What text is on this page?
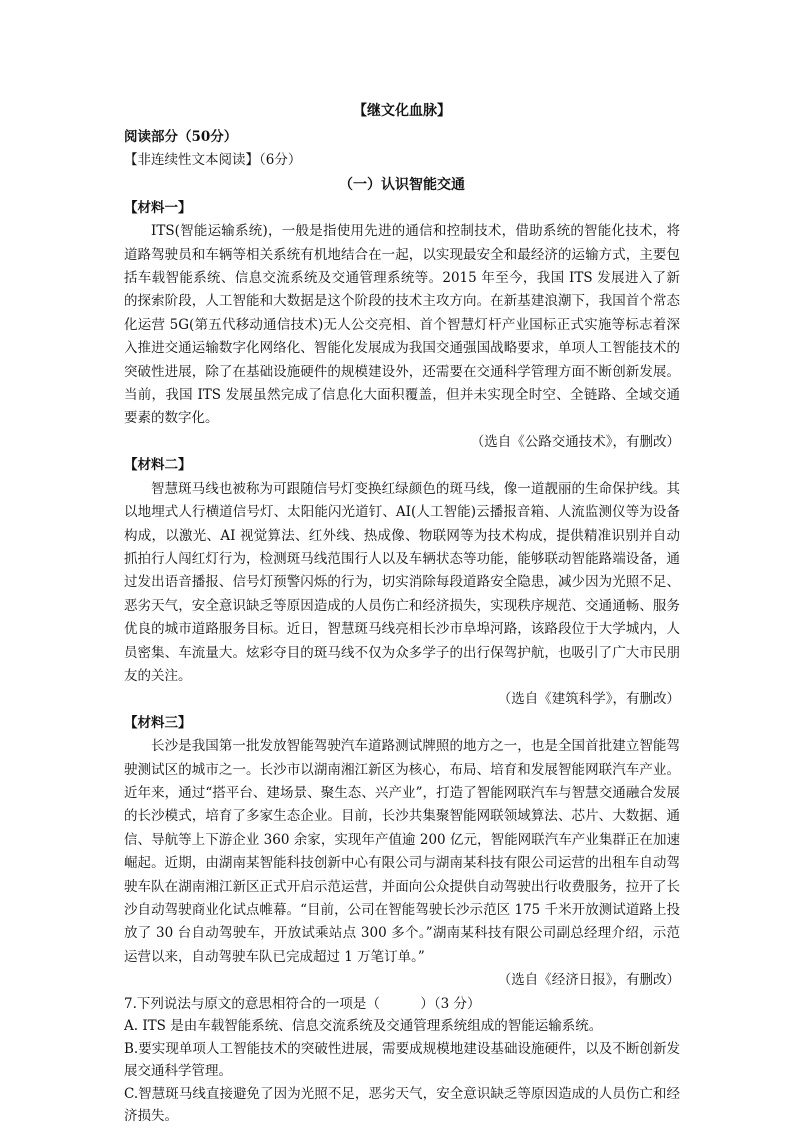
【继文化血脉】

阅读部分（50分）

【非连续性文本阅读】（6分）

（一）认识智能交通

【材料一】

ITS(智能运输系统)，一般是指使用先进的通信和控制技术，借助系统的智能化技术，将道路驾驶员和车辆等相关系统有机地结合在一起，以实现最安全和最经济的运输方式，主要包括车载智能系统、信息交流系统及交通管理系统等。2015 年至今，我国 ITS 发展进入了新的探索阶段，人工智能和大数据是这个阶段的技术主攻方向。在新基建浪潮下，我国首个常态化运营 5G(第五代移动通信技术)无人公交亮相、首个智慧灯杆产业国标正式实施等标志着深入推进交通运输数字化网络化、智能化发展成为我国交通强国战略要求，单项人工智能技术的突破性进展，除了在基础设施硬件的规模建设外，还需要在交通科学管理方面不断创新发展。当前，我国 ITS 发展虽然完成了信息化大面积覆盖，但并未实现全时空、全链路、全域交通要素的数字化。

（选自《公路交通技术》，有删改）

【材料二】

智慧斑马线也被称为可跟随信号灯变换红绿颜色的斑马线，像一道靓丽的生命保护线。其以地埋式人行横道信号灯、太阳能闪光道钉、AI(人工智能)云播报音箱、人流监测仪等为设备构成，以激光、AI 视觉算法、红外线、热成像、物联网等为技术构成，提供精准识别并自动抓拍行人闯红灯行为，检测斑马线范围行人以及车辆状态等功能，能够联动智能路端设备，通过发出语音播报、信号灯预警闪烁的行为，切实消除每段道路安全隐患，减少因为光照不足、恶劣天气，安全意识缺乏等原因造成的人员伤亡和经济损失，实现秩序规范、交通通畅、服务优良的城市道路服务目标。近日，智慧斑马线亮相长沙市阜埠河路，该路段位于大学城内，人员密集、车流量大。炫彩夺目的斑马线不仅为众多学子的出行保驾护航，也吸引了广大市民朋友的关注。

（选自《建筑科学》，有删改）

【材料三】

长沙是我国第一批发放智能驾驶汽车道路测试牌照的地方之一，也是全国首批建立智能驾驶测试区的城市之一。长沙市以湖南湘江新区为核心，布局、培育和发展智能网联汽车产业。近年来，通过“搭平台、建场景、聚生态、兴产业”，打造了智能网联汽车与智慧交通融合发展的长沙模式，培育了多家生态企业。目前，长沙共集聚智能网联领域算法、芯片、大数据、通信、导航等上下游企业 360 余家，实现年产值逾 200 亿元，智能网联汽车产业集群正在加速崛起。近期，由湖南某智能科技创新中心有限公司与湖南某科技有限公司运营的出租车自动驾驶车队在湖南湘江新区正式开启示范运营，并面向公众提供自动驾驶出行收费服务，拉开了长沙自动驾驶商业化试点帷幕。“目前，公司在智能驾驶长沙示范区 175 千米开放测试道路上投放了 30 台自动驾驶车，开放试乘站点 300 多个。”湖南某科技有限公司副总经理介绍，示范运营以来，自动驾驶车队已完成超过 1 万笔订单。”

（选自《经济日报》，有删改）

7.下列说法与原文的意思相符合的一项是（　　　）（3 分）

A. ITS 是由车载智能系统、信息交流系统及交通管理系统组成的智能运输系统。

B.要实现单项人工智能技术的突破性进展，需要成规模地建设基础设施硬件，以及不断创新发展交通科学管理。

C.智慧斑马线直接避免了因为光照不足，恶劣天气，安全意识缺乏等原因造成的人员伤亡和经济损失。
